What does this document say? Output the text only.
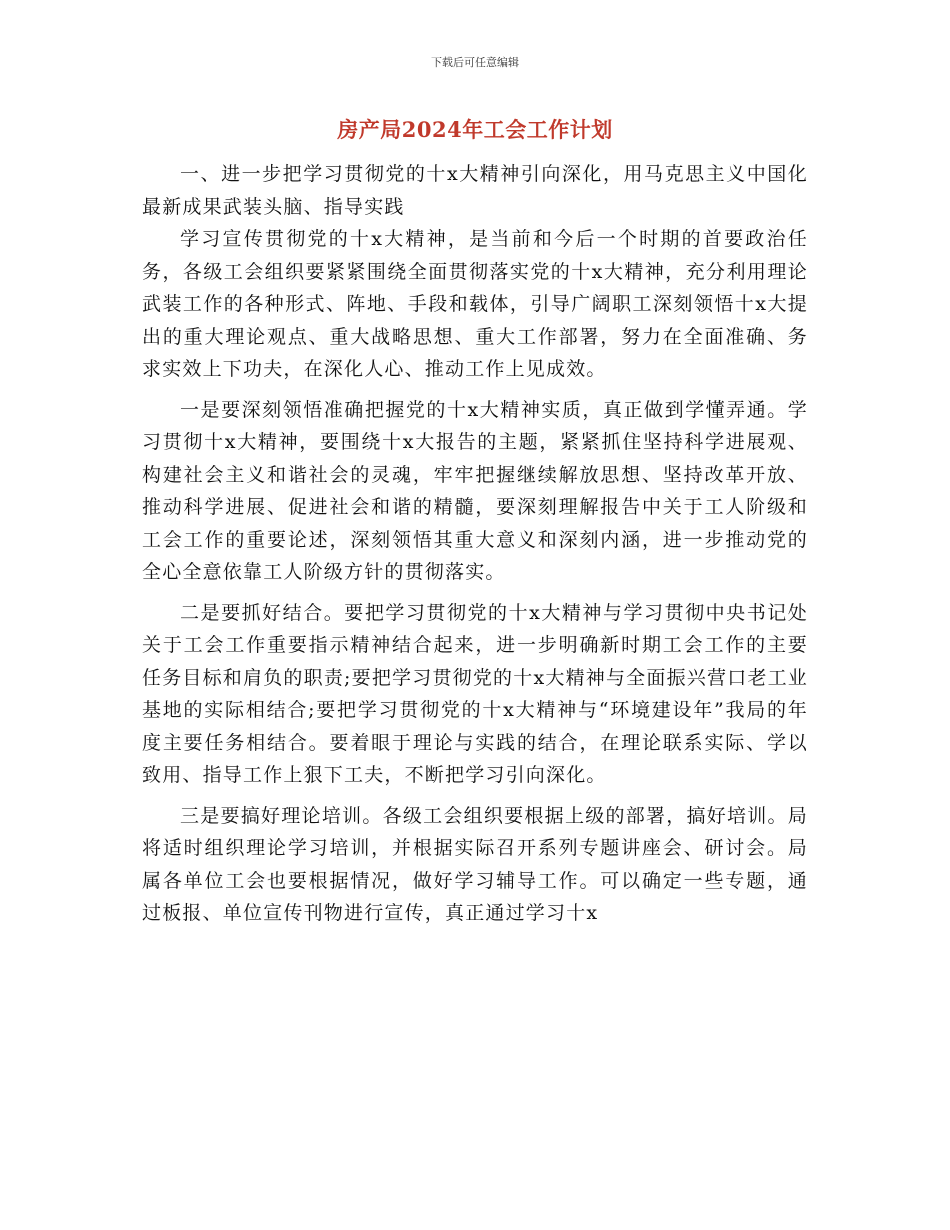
下载后可任意编辑
房产局2024年工会工作计划

一、进一步把学习贯彻党的十x大精神引向深化，用马克思主义中国化最新成果武装头脑、指导实践

学习宣传贯彻党的十x大精神，是当前和今后一个时期的首要政治任务，各级工会组织要紧紧围绕全面贯彻落实党的十x大精神，充分利用理论武装工作的各种形式、阵地、手段和载体，引导广阔职工深刻领悟十x大提出的重大理论观点、重大战略思想、重大工作部署，努力在全面准确、务求实效上下功夫，在深化人心、推动工作上见成效。

一是要深刻领悟准确把握党的十x大精神实质，真正做到学懂弄通。学习贯彻十x大精神，要围绕十x大报告的主题，紧紧抓住坚持科学进展观、构建社会主义和谐社会的灵魂，牢牢把握继续解放思想、坚持改革开放、推动科学进展、促进社会和谐的精髓，要深刻理解报告中关于工人阶级和工会工作的重要论述，深刻领悟其重大意义和深刻内涵，进一步推动党的全心全意依靠工人阶级方针的贯彻落实。

二是要抓好结合。要把学习贯彻党的十x大精神与学习贯彻中央书记处关于工会工作重要指示精神结合起来，进一步明确新时期工会工作的主要任务目标和肩负的职责;要把学习贯彻党的十x大精神与全面振兴营口老工业基地的实际相结合;要把学习贯彻党的十x大精神与“环境建设年”我局的年度主要任务相结合。要着眼于理论与实践的结合，在理论联系实际、学以致用、指导工作上狠下工夫，不断把学习引向深化。

三是要搞好理论培训。各级工会组织要根据上级的部署，搞好培训。局将适时组织理论学习培训，并根据实际召开系列专题讲座会、研讨会。局属各单位工会也要根据情况，做好学习辅导工作。可以确定一些专题，通过板报、单位宣传刊物进行宣传，真正通过学习十x
